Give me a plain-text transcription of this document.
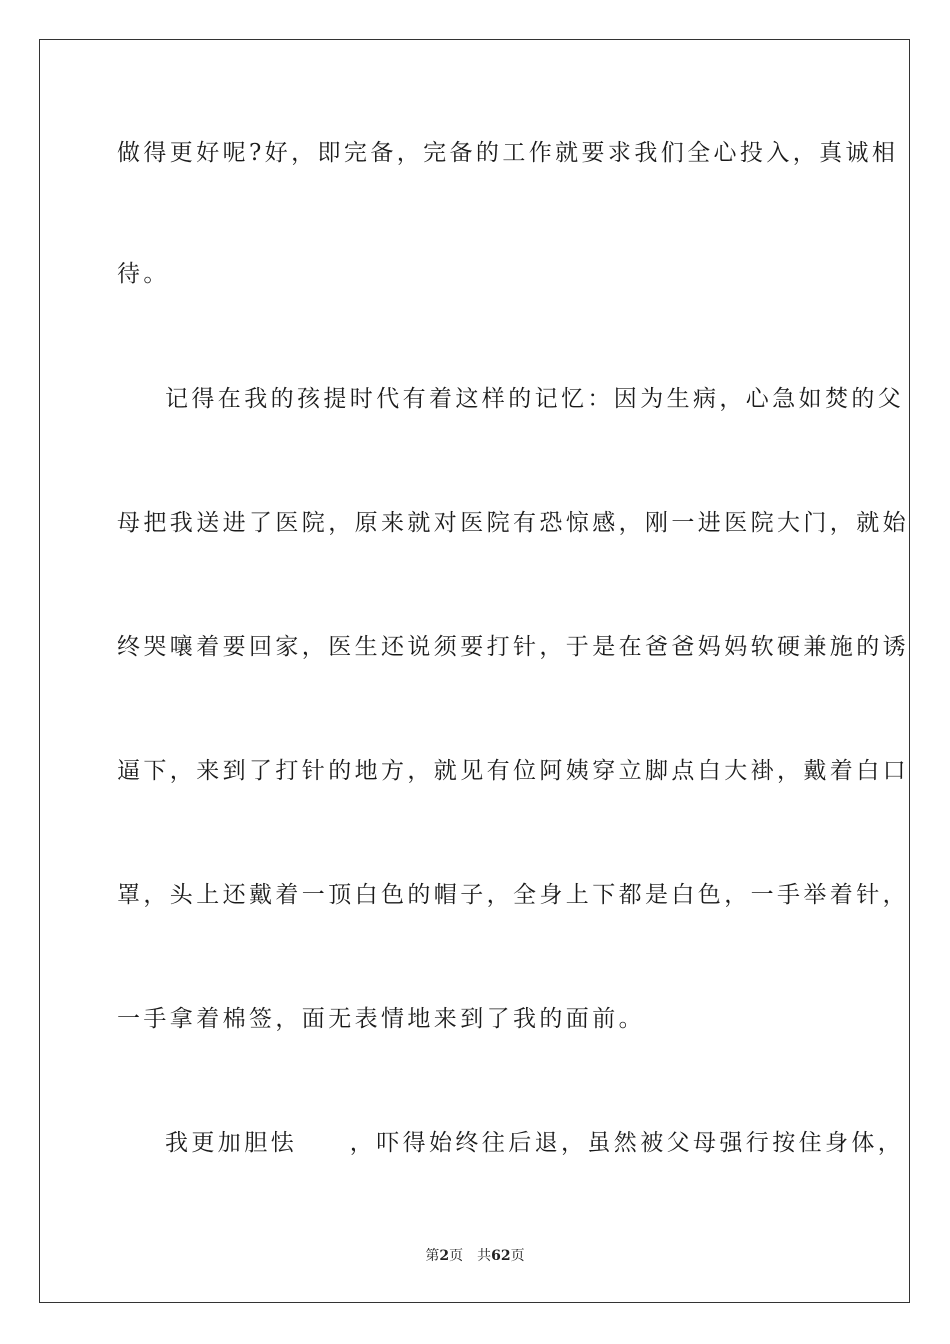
做得更好呢?好，即完备，完备的工作就要求我们全心投入，真诚相
待。
记得在我的孩提时代有着这样的记忆：因为生病，心急如焚的父
母把我送进了医院，原来就对医院有恐惊感，刚一进医院大门，就始
终哭嚷着要回家，医生还说须要打针，于是在爸爸妈妈软硬兼施的诱
逼下，来到了打针的地方，就见有位阿姨穿立脚点白大褂，戴着白口
罩，头上还戴着一顶白色的帽子，全身上下都是白色，一手举着针，
一手拿着棉签，面无表情地来到了我的面前。
我更加胆怯　　，吓得始终往后退，虽然被父母强行按住身体，
第2页 共62页
